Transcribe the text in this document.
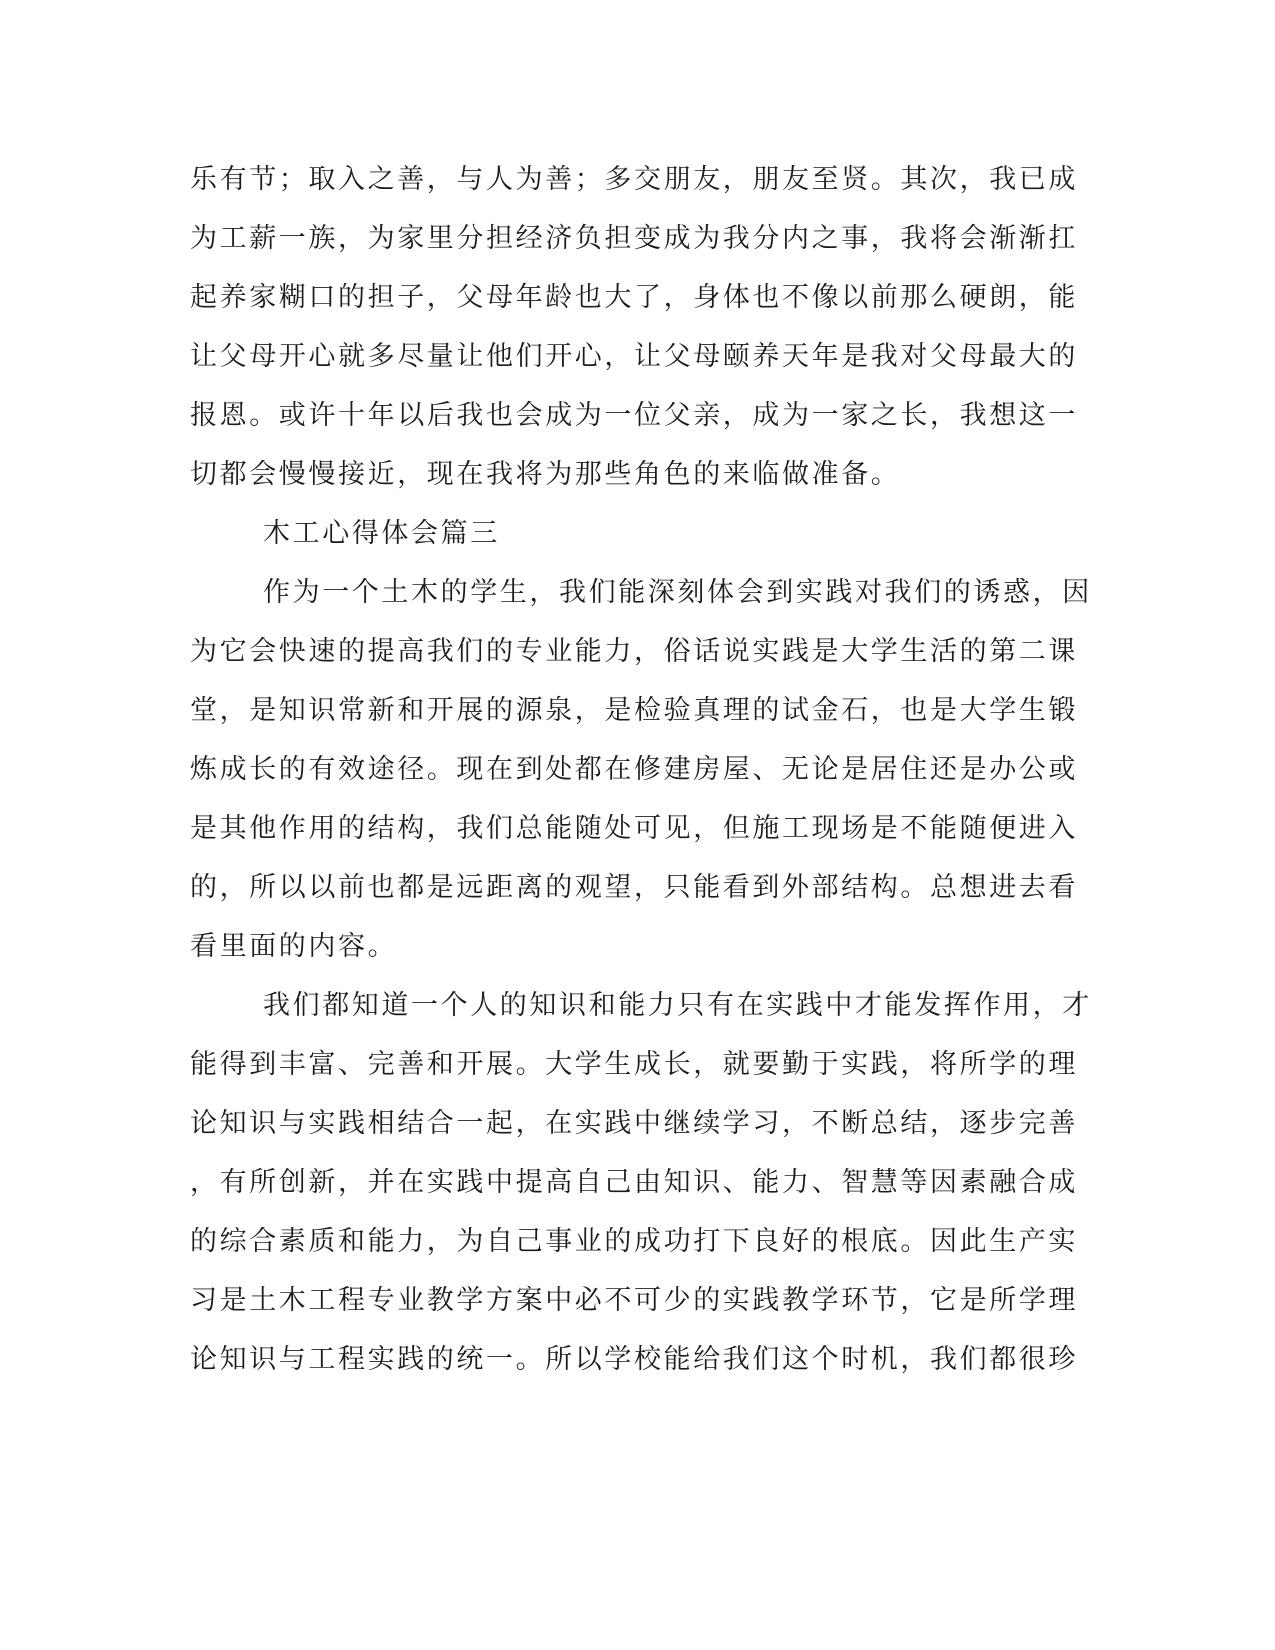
乐有节；取入之善，与人为善；多交朋友，朋友至贤。其次，我已成
为工薪一族，为家里分担经济负担变成为我分内之事，我将会渐渐扛
起养家糊口的担子，父母年龄也大了，身体也不像以前那么硬朗，能
让父母开心就多尽量让他们开心，让父母颐养天年是我对父母最大的
报恩。或许十年以后我也会成为一位父亲，成为一家之长，我想这一
切都会慢慢接近，现在我将为那些角色的来临做准备。
木工心得体会篇三
作为一个土木的学生，我们能深刻体会到实践对我们的诱惑，因
为它会快速的提高我们的专业能力，俗话说实践是大学生活的第二课
堂，是知识常新和开展的源泉，是检验真理的试金石，也是大学生锻
炼成长的有效途径。现在到处都在修建房屋、无论是居住还是办公或
是其他作用的结构，我们总能随处可见，但施工现场是不能随便进入
的，所以以前也都是远距离的观望，只能看到外部结构。总想进去看
看里面的内容。
我们都知道一个人的知识和能力只有在实践中才能发挥作用，才
能得到丰富、完善和开展。大学生成长，就要勤于实践，将所学的理
论知识与实践相结合一起，在实践中继续学习，不断总结，逐步完善
，有所创新，并在实践中提高自己由知识、能力、智慧等因素融合成
的综合素质和能力，为自己事业的成功打下良好的根底。因此生产实
习是土木工程专业教学方案中必不可少的实践教学环节，它是所学理
论知识与工程实践的统一。所以学校能给我们这个时机，我们都很珍
